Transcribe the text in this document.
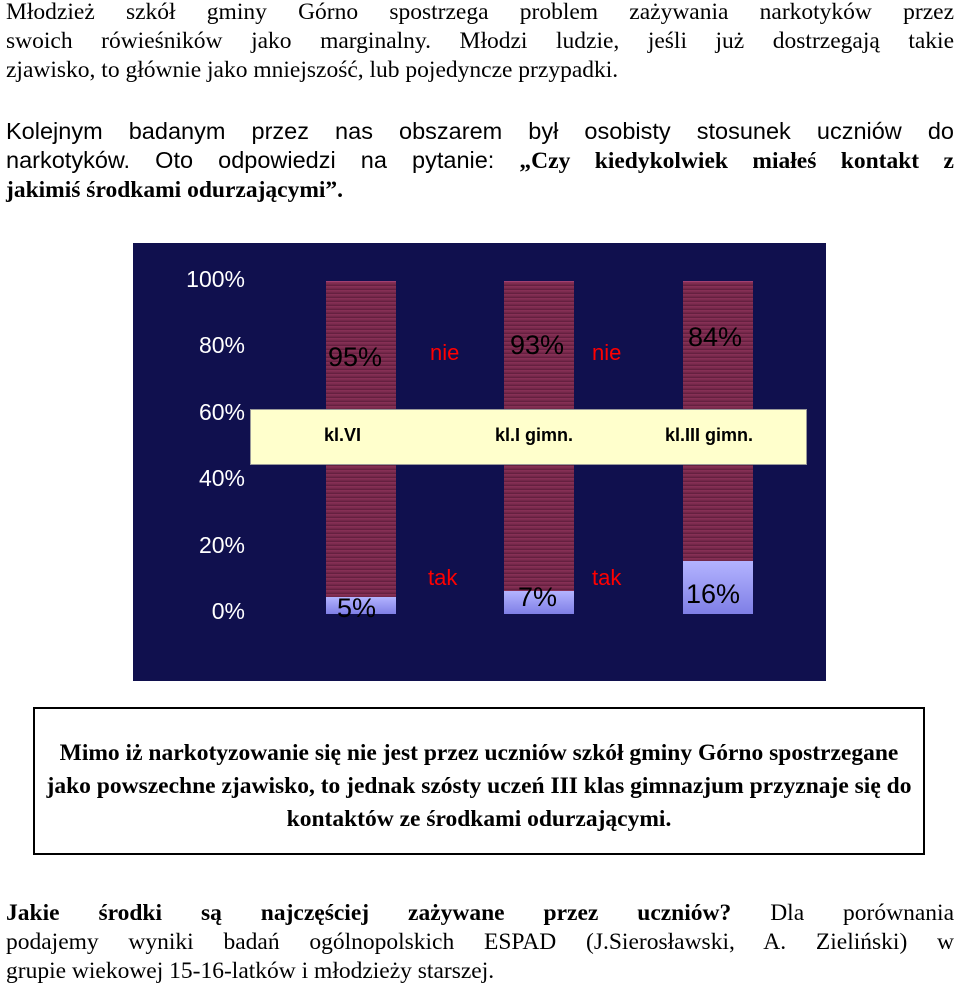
Młodzież szkół gminy Górno spostrzega problem zażywania narkotyków przez
swoich rówieśników jako marginalny. Młodzi ludzie, jeśli już dostrzegają takie
zjawisko, to głównie jako mniejszość, lub pojedyncze przypadki.
Kolejnym badanym przez nas obszarem był osobisty stosunek uczniów do
narkotyków. Oto odpowiedzi na pytanie: „Czy kiedykolwiek miałeś kontakt z
jakimiś środkami odurzającymi”.
100%
80%
60%
40%
20%
0%
kl.VI	kl.I gimn.	kl.III gimn.
95%	93%	84%
5%	7%	16%
nie	nie
tak	tak
Mimo iż narkotyzowanie się nie jest przez uczniów szkół gminy Górno spostrzegane jako powszechne zjawisko, to jednak szósty uczeń III klas gimnazjum przyznaje się do kontaktów ze środkami odurzającymi.
Jakie środki są najczęściej zażywane przez uczniów? Dla porównania
podajemy wyniki badań ogólnopolskich ESPAD (J.Sierosławski, A. Zieliński) w
grupie wiekowej 15-16-latków i młodzieży starszej.
